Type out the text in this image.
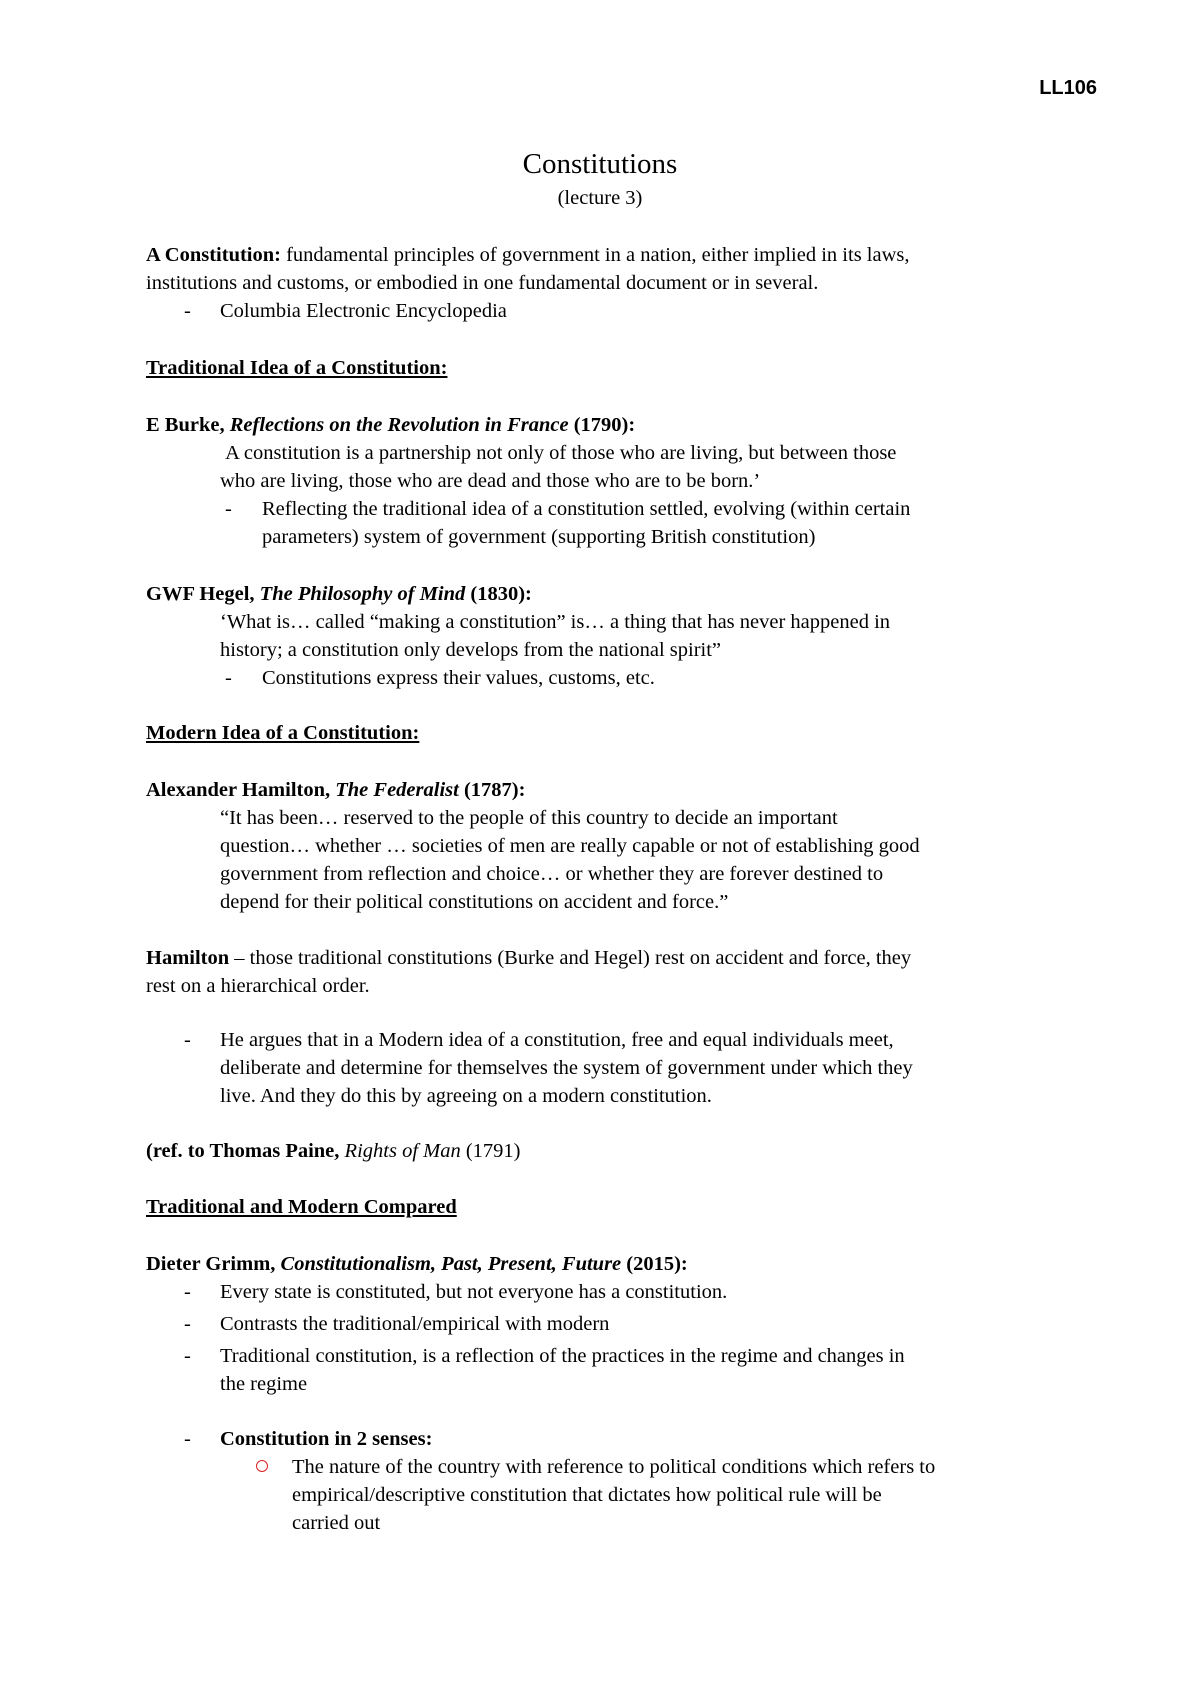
LL106
Constitutions
(lecture 3)
A Constitution: fundamental principles of government in a nation, either implied in its laws,
institutions and customs, or embodied in one fundamental document or in several.
- Columbia Electronic Encyclopedia
Traditional Idea of a Constitution:
E Burke, Reflections on the Revolution in France (1790):
A constitution is a partnership not only of those who are living, but between those
who are living, those who are dead and those who are to be born.’
- Reflecting the traditional idea of a constitution settled, evolving (within certain
parameters) system of government (supporting British constitution)
GWF Hegel, The Philosophy of Mind (1830):
‘What is… called “making a constitution” is… a thing that has never happened in
history; a constitution only develops from the national spirit”
- Constitutions express their values, customs, etc.
Modern Idea of a Constitution:
Alexander Hamilton, The Federalist (1787):
“It has been… reserved to the people of this country to decide an important
question… whether … societies of men are really capable or not of establishing good
government from reflection and choice… or whether they are forever destined to
depend for their political constitutions on accident and force.”
Hamilton – those traditional constitutions (Burke and Hegel) rest on accident and force, they
rest on a hierarchical order.
- He argues that in a Modern idea of a constitution, free and equal individuals meet,
deliberate and determine for themselves the system of government under which they
live. And they do this by agreeing on a modern constitution.
(ref. to Thomas Paine, Rights of Man (1791)
Traditional and Modern Compared
Dieter Grimm, Constitutionalism, Past, Present, Future (2015):
- Every state is constituted, but not everyone has a constitution.
- Contrasts the traditional/empirical with modern
- Traditional constitution, is a reflection of the practices in the regime and changes in
the regime
- Constitution in 2 senses:
The nature of the country with reference to political conditions which refers to
empirical/descriptive constitution that dictates how political rule will be
carried out
